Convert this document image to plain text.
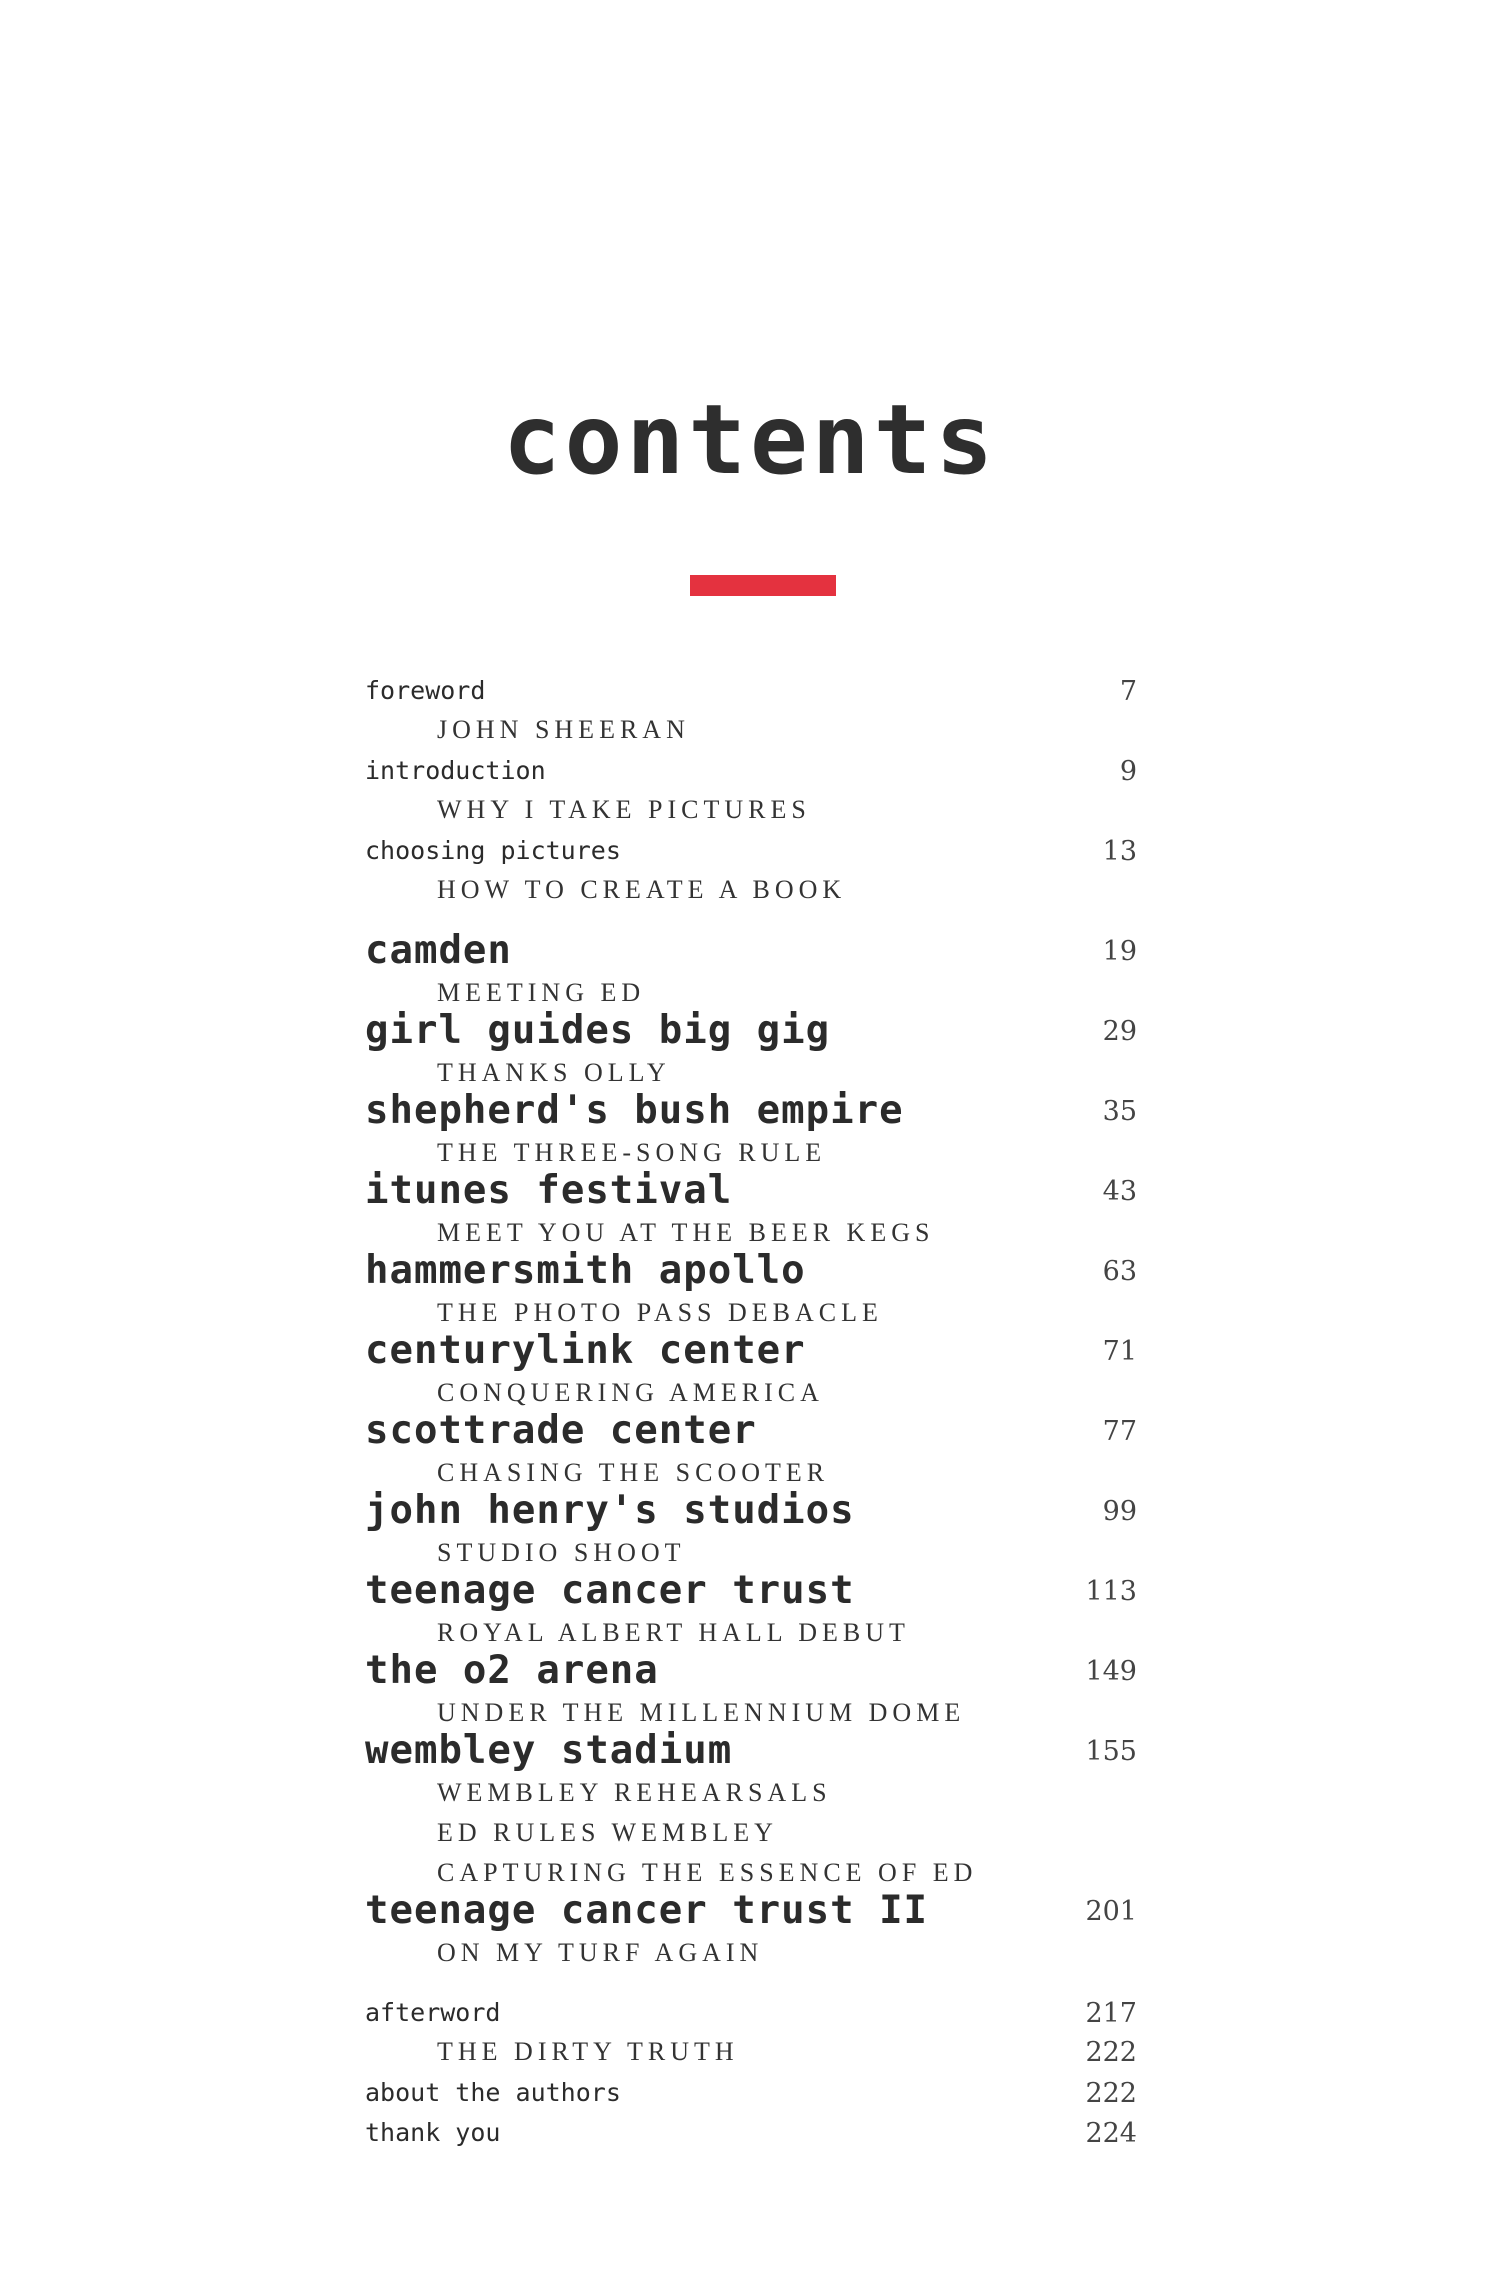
contents
foreword	7
JOHN SHEERAN
introduction	9
WHY I TAKE PICTURES
choosing pictures	13
HOW TO CREATE A BOOK
camden	19
MEETING ED
girl guides big gig	29
THANKS OLLY
shepherd's bush empire	35
THE THREE-SONG RULE
itunes festival	43
MEET YOU AT THE BEER KEGS
hammersmith apollo	63
THE PHOTO PASS DEBACLE
centurylink center	71
CONQUERING AMERICA
scottrade center	77
CHASING THE SCOOTER
john henry's studios	99
STUDIO SHOOT
teenage cancer trust	113
ROYAL ALBERT HALL DEBUT
the o2 arena	149
UNDER THE MILLENNIUM DOME
wembley stadium	155
WEMBLEY REHEARSALS
ED RULES WEMBLEY
CAPTURING THE ESSENCE OF ED
teenage cancer trust II	201
ON MY TURF AGAIN
afterword	217
THE DIRTY TRUTH	222
about the authors	222
thank you	224
